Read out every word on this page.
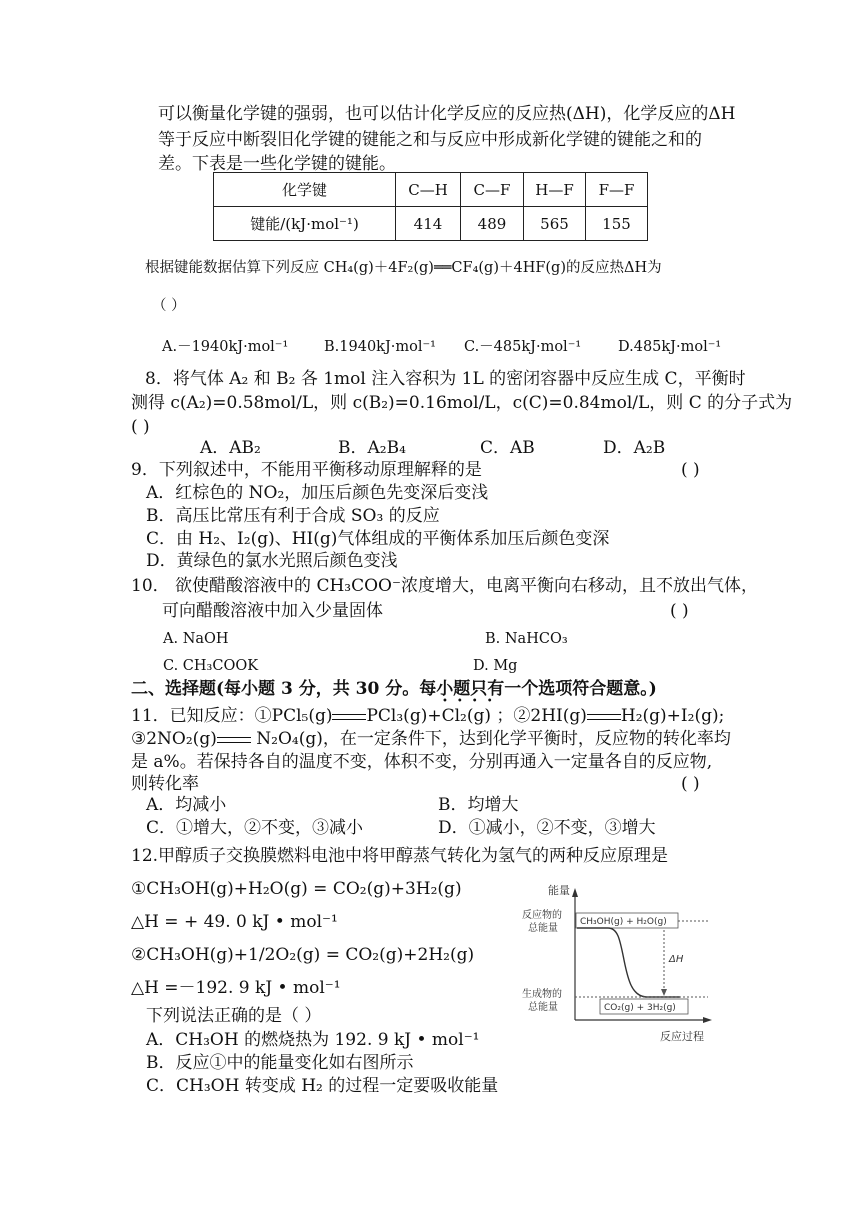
可以衡量化学键的强弱，也可以估计化学反应的反应热(ΔH)，化学反应的ΔH
等于反应中断裂旧化学键的键能之和与反应中形成新化学键的键能之和的
差。下表是一些化学键的键能。
化学键	C—H	C—F	H—F	F—F
键能/(kJ·mol⁻¹)	414	489	565	155
根据键能数据估算下列反应 CH₄(g)＋4F₂(g)══CF₄(g)＋4HF(g)的反应热ΔH为
（ ）
A.－1940kJ·mol⁻¹ B.1940kJ·mol⁻¹ C.－485kJ·mol⁻¹	D.485kJ·mol⁻¹
8．将气体 A₂ 和 B₂ 各 1mol 注入容积为 1L 的密闭容器中反应生成 C，平衡时
测得 c(A₂)=0.58mol/L，则 c(B₂)=0.16mol/L，c(C)=0.84mol/L，则 C 的分子式为
( )
A．AB₂	B．A₂B₄	C．AB	D．A₂B
9．下列叙述中，不能用平衡移动原理解释的是	( )
A．红棕色的 NO₂，加压后颜色先变深后变浅
B．高压比常压有利于合成 SO₃ 的反应
C．由 H₂、I₂(g)、HI(g)气体组成的平衡体系加压后颜色变深
D．黄绿色的氯水光照后颜色变浅
10． 欲使醋酸溶液中的 CH₃COO⁻浓度增大，电离平衡向右移动，且不放出气体，
可向醋酸溶液中加入少量固体	( )
A. NaOH	B. NaHCO₃
C. CH₃COOK	D. Mg
二、选择题(每小题 3 分，共 30 分。每小题只有一个选项符合题意。)
••••
11．已知反应：①PCl₅(g) PCl₃(g)+Cl₂(g) ；②2HI(g) H₂(g)+I₂(g);
③2NO₂(g) N₂O₄(g)，在一定条件下，达到化学平衡时，反应物的转化率均
是 a%。若保持各自的温度不变，体积不变，分别再通入一定量各自的反应物,
则转化率	( )
A．均减小	B．均增大
C．①增大，②不变，③减小	D．①减小，②不变，③增大
12.甲醇质子交换膜燃料电池中将甲醇蒸气转化为氢气的两种反应原理是
①CH₃OH(g)+H₂O(g) = CO₂(g)+3H₂(g)
△H = + 49. 0 kJ • mol⁻¹
②CH₃OH(g)+1/2O₂(g) = CO₂(g)+2H₂(g)
△H =－192. 9 kJ • mol⁻¹
下列说法正确的是（ ）
A．CH₃OH 的燃烧热为 192. 9 kJ • mol⁻¹
B．反应①中的能量变化如右图所示
C．CH₃OH 转变成 H₂ 的过程一定要吸收能量
能量
反应物的
总能量
生成物的
总能量
CH₃OH(g) + H₂O(g)
ΔH
CO₂(g) + 3H₂(g)
反应过程
